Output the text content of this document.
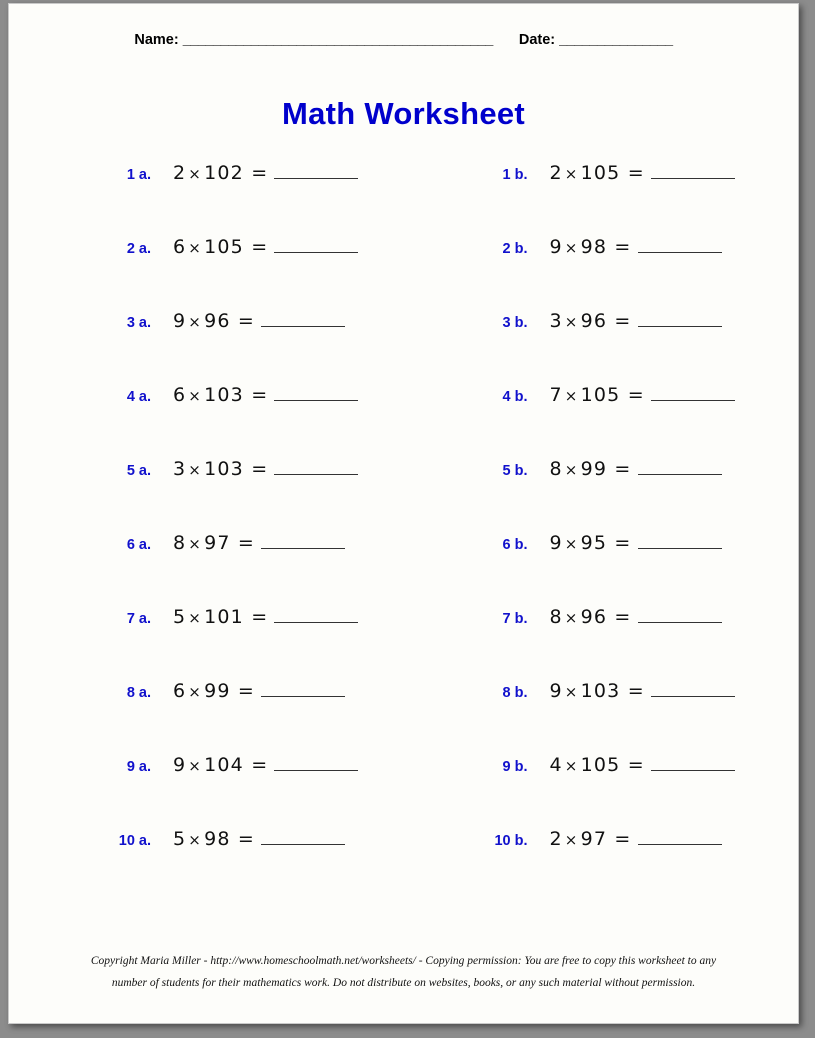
Name: _________________________________________ Date: _______________
Math Worksheet
1 a. 2 × 102 =	1 b. 2 × 105 =
2 a. 6 × 105 =	2 b. 9 × 98 =
3 a. 9 × 96 =	3 b. 3 × 96 =
4 a. 6 × 103 =	4 b. 7 × 105 =
5 a. 3 × 103 =	5 b. 8 × 99 =
6 a. 8 × 97 =	6 b. 9 × 95 =
7 a. 5 × 101 =	7 b. 8 × 96 =
8 a. 6 × 99 =	8 b. 9 × 103 =
9 a. 9 × 104 =	9 b. 4 × 105 =
10 a. 5 × 98 =	10 b. 2 × 97 =
Copyright Maria Miller - http://www.homeschoolmath.net/worksheets/ - Copying permission: You are free to copy this worksheet to any
number of students for their mathematics work. Do not distribute on websites, books, or any such material without permission.
